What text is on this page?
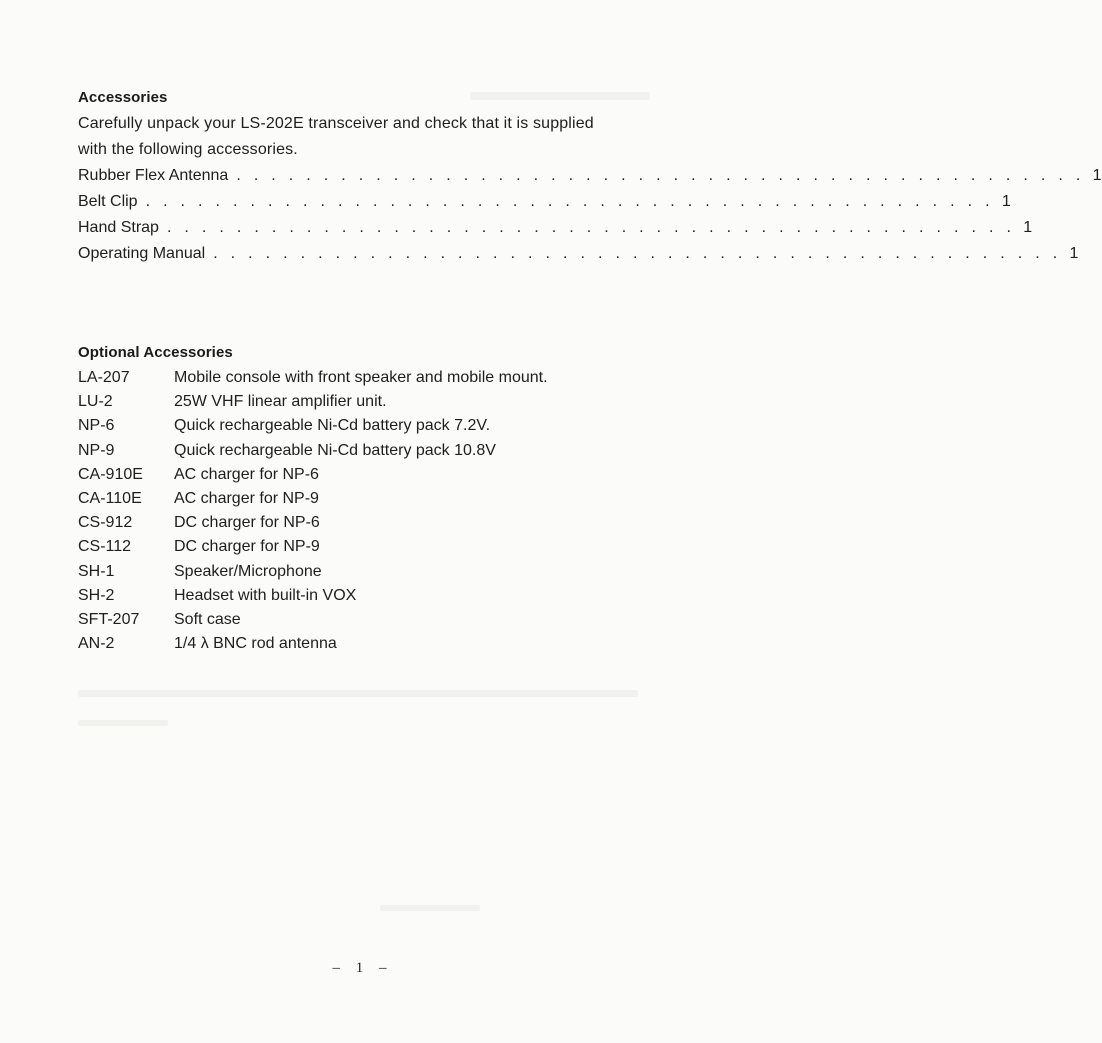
Accessories
Carefully unpack your LS-202E transceiver and check that it is supplied
with the following accessories.
Rubber Flex Antenna . . . . . . . . . . . . . . . . . . . . . . . . . . . . . . . . . . . . . . . . . . . . . . . . . 1
Belt Clip . . . . . . . . . . . . . . . . . . . . . . . . . . . . . . . . . . . . . . . . . . . . . . . . . 1
Hand Strap . . . . . . . . . . . . . . . . . . . . . . . . . . . . . . . . . . . . . . . . . . . . . . . . . 1
Operating Manual . . . . . . . . . . . . . . . . . . . . . . . . . . . . . . . . . . . . . . . . . . . . . . . . . 1
Optional Accessories
LA-207	Mobile console with front speaker and mobile mount.
LU-2	25W VHF linear amplifier unit.
NP-6	Quick rechargeable Ni-Cd battery pack 7.2V.
NP-9	Quick rechargeable Ni-Cd battery pack 10.8V
CA-910E	AC charger for NP-6
CA-110E	AC charger for NP-9
CS-912	DC charger for NP-6
CS-112	DC charger for NP-9
SH-1	Speaker/Microphone
SH-2	Headset with built-in VOX
SFT-207	Soft case
AN-2	1/4 λ BNC rod antenna
– 1 –
